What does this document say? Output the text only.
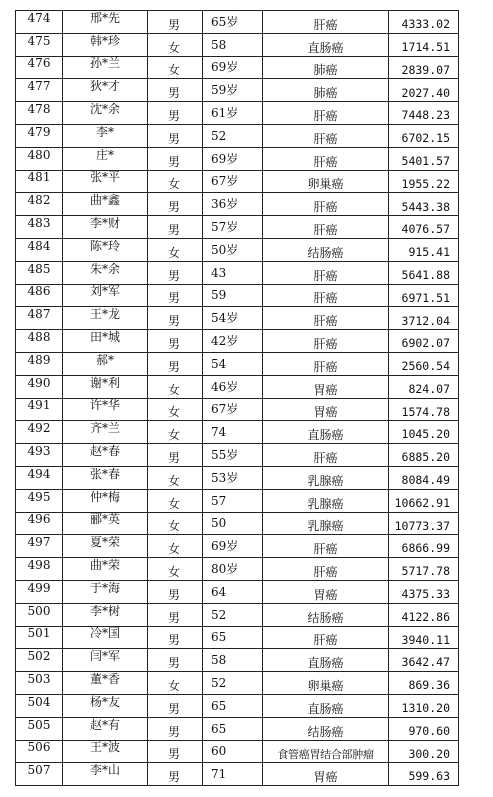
474	邢*先	男	65岁	肝癌	4333.02
475	韩*珍	女	58	直肠癌	1714.51
476	孙*兰	女	69岁	肺癌	2839.07
477	狄*才	男	59岁	肺癌	2027.40
478	沈*余	男	61岁	肝癌	7448.23
479	李*	男	52	肝癌	6702.15
480	庄*	男	69岁	肝癌	5401.57
481	张*平	女	67岁	卵巢癌	1955.22
482	曲*鑫	男	36岁	肝癌	5443.38
483	李*财	男	57岁	肝癌	4076.57
484	陈*玲	女	50岁	结肠癌	915.41
485	朱*余	男	43	肝癌	5641.88
486	刘*军	男	59	肝癌	6971.51
487	王*龙	男	54岁	肝癌	3712.04
488	田*城	男	42岁	肝癌	6902.07
489	郝*	男	54	肝癌	2560.54
490	谢*利	女	46岁	胃癌	824.07
491	许*华	女	67岁	胃癌	1574.78
492	齐*兰	女	74	直肠癌	1045.20
493	赵*春	男	55岁	肝癌	6885.20
494	张*春	女	53岁	乳腺癌	8084.49
495	仲*梅	女	57	乳腺癌	10662.91
496	郦*英	女	50	乳腺癌	10773.37
497	夏*荣	女	69岁	肝癌	6866.99
498	曲*荣	女	80岁	肝癌	5717.78
499	于*海	男	64	胃癌	4375.33
500	李*树	男	52	结肠癌	4122.86
501	冷*国	男	65	肝癌	3940.11
502	闫*军	男	58	直肠癌	3642.47
503	董*香	女	52	卵巢癌	869.36
504	杨*友	男	65	直肠癌	1310.20
505	赵*有	男	65	结肠癌	970.60
506	王*波	男	60	食管癌胃结合部肿瘤	300.20
507	李*山	男	71	胃癌	599.63
